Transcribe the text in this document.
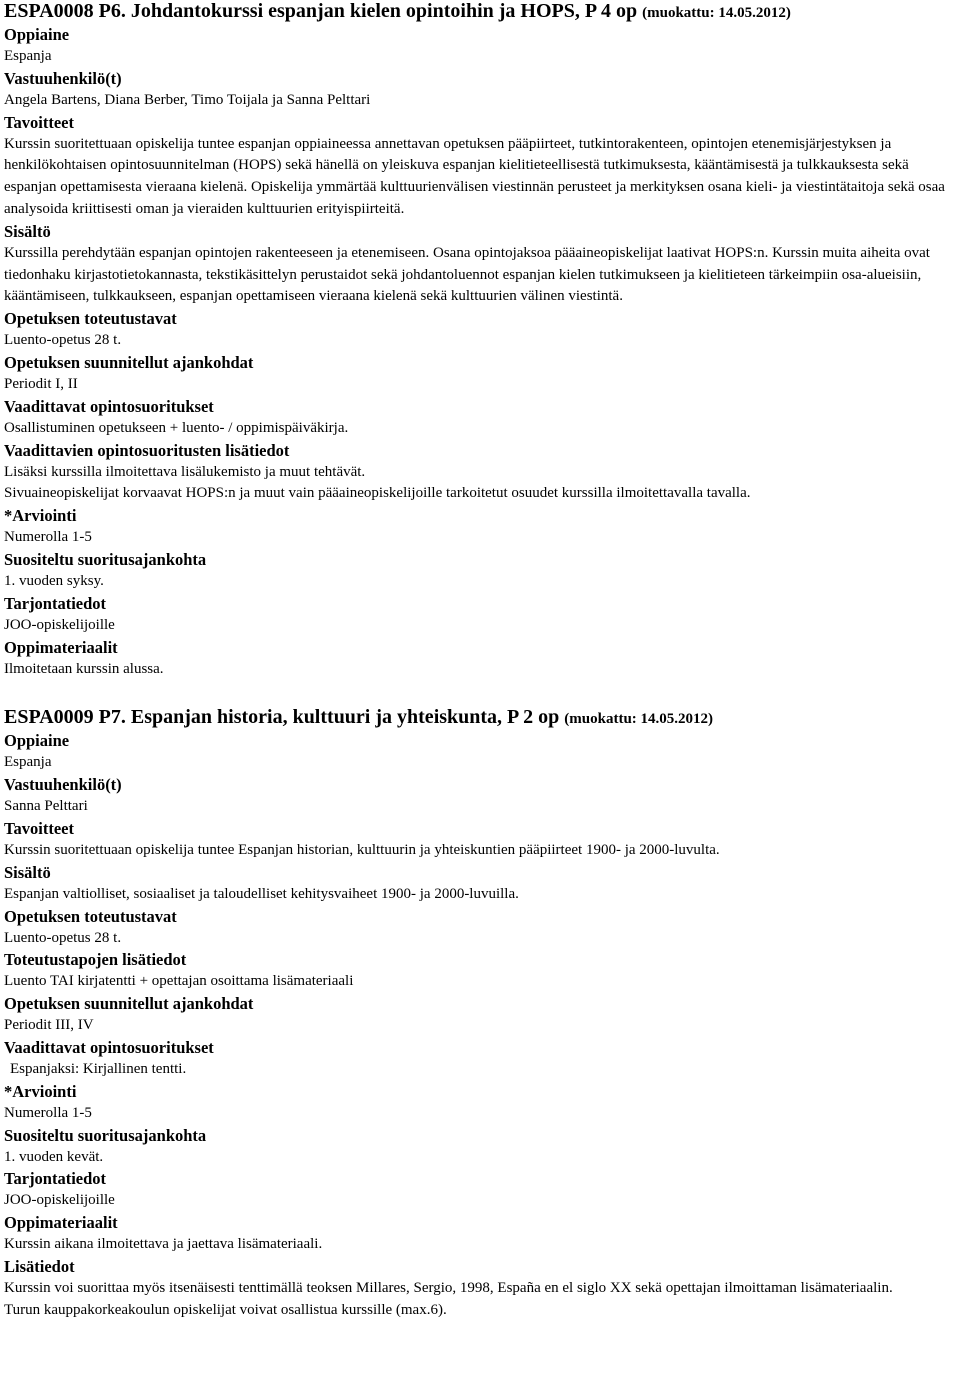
ESPA0008 P6. Johdantokurssi espanjan kielen opintoihin ja HOPS, P 4 op (muokattu: 14.05.2012)
Oppiaine

Espanja

Vastuuhenkilö(t)

Angela Bartens, Diana Berber, Timo Toijala ja Sanna Pelttari

Tavoitteet

Kurssin suoritettuaan opiskelija tuntee espanjan oppiaineessa annettavan opetuksen pääpiirteet, tutkintorakenteen, opintojen etenemisjärjestyksen ja henkilökohtaisen opintosuunnitelman (HOPS) sekä hänellä on yleiskuva espanjan kielitieteellisestä tutkimuksesta, kääntämisestä ja tulkkauksesta sekä espanjan opettamisesta vieraana kielenä. Opiskelija ymmärtää kulttuurienvälisen viestinnän perusteet ja merkityksen osana kieli- ja viestintätaitoja sekä osaa analysoida kriittisesti oman ja vieraiden kulttuurien erityispiirteitä.

Sisältö

Kurssilla perehdytään espanjan opintojen rakenteeseen ja etenemiseen. Osana opintojaksoa pääaineopiskelijat laativat HOPS:n. Kurssin muita aiheita ovat tiedonhaku kirjastotietokannasta, tekstikäsittelyn perustaidot sekä johdantoluennot espanjan kielen tutkimukseen ja kielitieteen tärkeimpiin osa-alueisiin, kääntämiseen, tulkkaukseen, espanjan opettamiseen vieraana kielenä sekä kulttuurien välinen viestintä.

Opetuksen toteutustavat

Luento-opetus 28 t.

Opetuksen suunnitellut ajankohdat

Periodit I, II

Vaadittavat opintosuoritukset

Osallistuminen opetukseen + luento- / oppimispäiväkirja.

Vaadittavien opintosuoritusten lisätiedot

Lisäksi kurssilla ilmoitettava lisälukemisto ja muut tehtävät.

Sivuaineopiskelijat korvaavat HOPS:n ja muut vain pääaineopiskelijoille tarkoitetut osuudet kurssilla ilmoitettavalla tavalla.

*Arviointi

Numerolla 1-5

Suositeltu suoritusajankohta

1. vuoden syksy.

Tarjontatiedot

JOO-opiskelijoille

Oppimateriaalit

Ilmoitetaan kurssin alussa.

ESPA0009 P7. Espanjan historia, kulttuuri ja yhteiskunta, P 2 op (muokattu: 14.05.2012)
Oppiaine

Espanja

Vastuuhenkilö(t)

Sanna Pelttari

Tavoitteet

Kurssin suoritettuaan opiskelija tuntee Espanjan historian, kulttuurin ja yhteiskuntien pääpiirteet 1900- ja 2000-luvulta.

Sisältö

Espanjan valtiolliset, sosiaaliset ja taloudelliset kehitysvaiheet 1900- ja 2000-luvuilla.

Opetuksen toteutustavat

Luento-opetus 28 t.

Toteutustapojen lisätiedot

Luento TAI kirjatentti + opettajan osoittama lisämateriaali

Opetuksen suunnitellut ajankohdat

Periodit III, IV

Vaadittavat opintosuoritukset

Espanjaksi: Kirjallinen tentti.

*Arviointi

Numerolla 1-5

Suositeltu suoritusajankohta

1. vuoden kevät.

Tarjontatiedot

JOO-opiskelijoille

Oppimateriaalit

Kurssin aikana ilmoitettava ja jaettava lisämateriaali.

Lisätiedot

Kurssin voi suorittaa myös itsenäisesti tenttimällä teoksen Millares, Sergio, 1998, España en el siglo XX sekä opettajan ilmoittaman lisämateriaalin.

Turun kauppakorkeakoulun opiskelijat voivat osallistua kurssille (max.6).
